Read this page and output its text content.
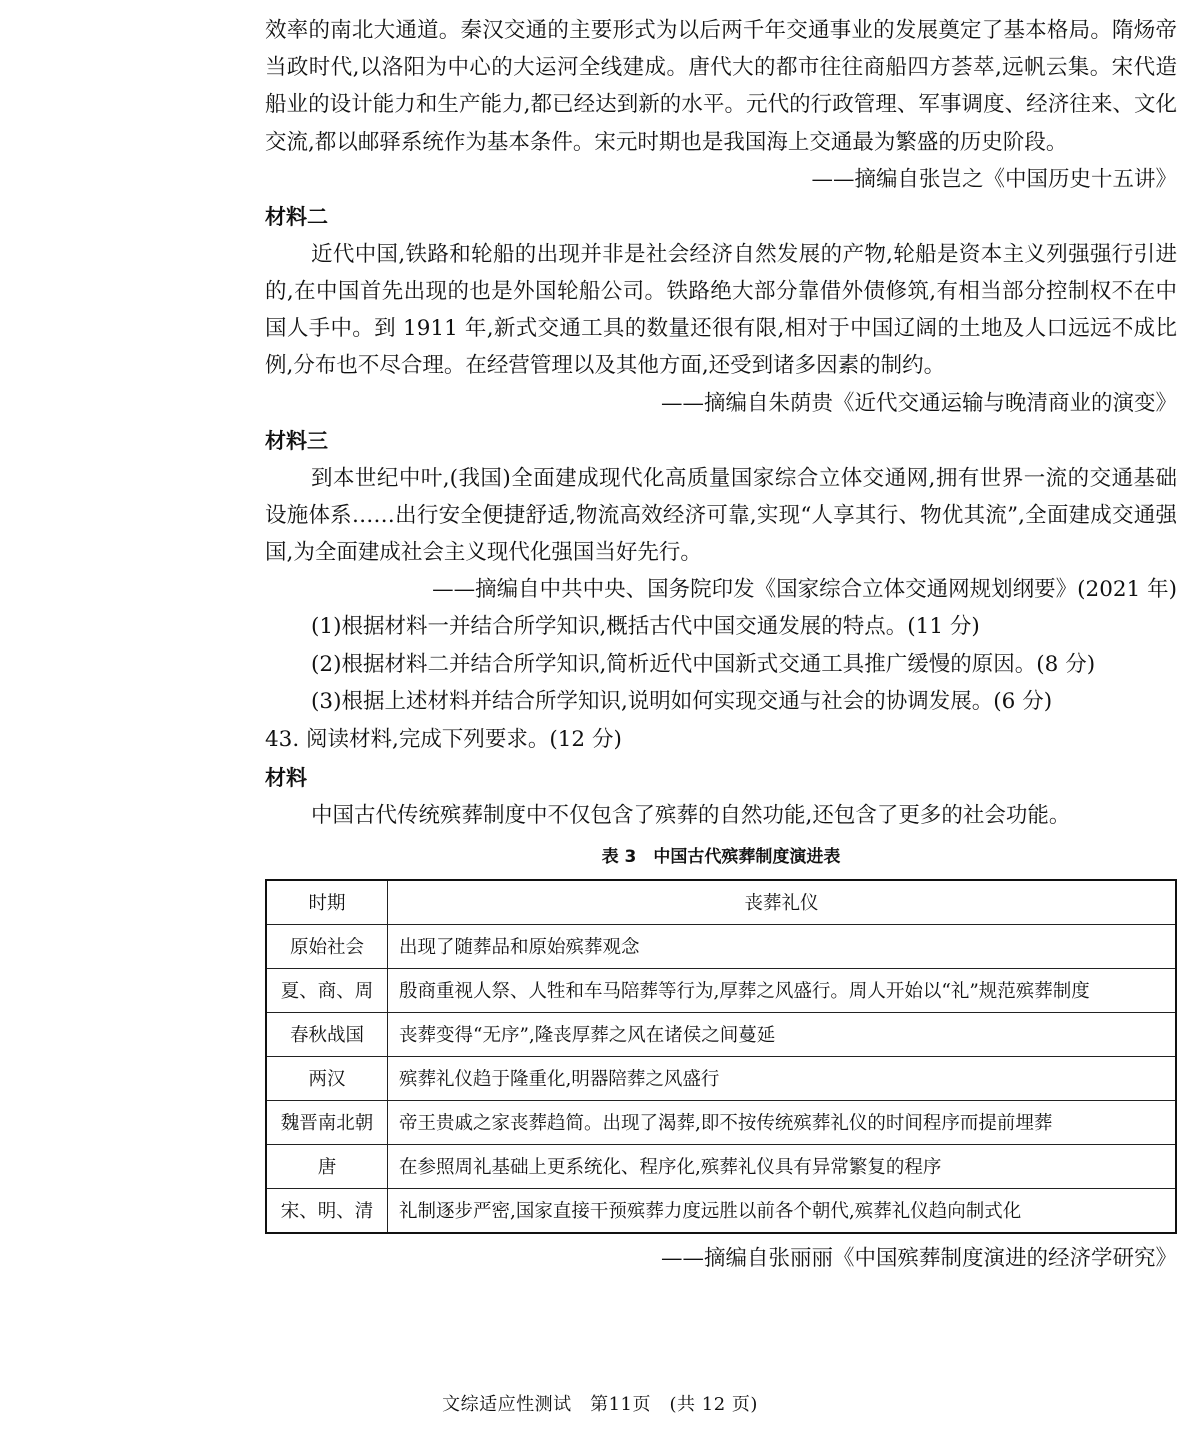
效率的南北大通道。秦汉交通的主要形式为以后两千年交通事业的发展奠定了基本格局。隋炀帝当政时代,以洛阳为中心的大运河全线建成。唐代大的都市往往商船四方荟萃,远帆云集。宋代造船业的设计能力和生产能力,都已经达到新的水平。元代的行政管理、军事调度、经济往来、文化交流,都以邮驿系统作为基本条件。宋元时期也是我国海上交通最为繁盛的历史阶段。

——摘编自张岂之《中国历史十五讲》

材料二

近代中国,铁路和轮船的出现并非是社会经济自然发展的产物,轮船是资本主义列强强行引进的,在中国首先出现的也是外国轮船公司。铁路绝大部分靠借外债修筑,有相当部分控制权不在中国人手中。到 1911 年,新式交通工具的数量还很有限,相对于中国辽阔的土地及人口远远不成比例,分布也不尽合理。在经营管理以及其他方面,还受到诸多因素的制约。

——摘编自朱荫贵《近代交通运输与晚清商业的演变》

材料三

到本世纪中叶,(我国)全面建成现代化高质量国家综合立体交通网,拥有世界一流的交通基础设施体系……出行安全便捷舒适,物流高效经济可靠,实现“人享其行、物优其流”,全面建成交通强国,为全面建成社会主义现代化强国当好先行。

——摘编自中共中央、国务院印发《国家综合立体交通网规划纲要》(2021 年)

(1)根据材料一并结合所学知识,概括古代中国交通发展的特点。(11 分)

(2)根据材料二并结合所学知识,简析近代中国新式交通工具推广缓慢的原因。(8 分)

(3)根据上述材料并结合所学知识,说明如何实现交通与社会的协调发展。(6 分)

43. 阅读材料,完成下列要求。(12 分)

材料

中国古代传统殡葬制度中不仅包含了殡葬的自然功能,还包含了更多的社会功能。

表 3　中国古代殡葬制度演进表

时期	丧葬礼仪
原始社会	出现了随葬品和原始殡葬观念
夏、商、周	殷商重视人祭、人牲和车马陪葬等行为,厚葬之风盛行。周人开始以“礼”规范殡葬制度
春秋战国	丧葬变得“无序”,隆丧厚葬之风在诸侯之间蔓延
两汉	殡葬礼仪趋于隆重化,明器陪葬之风盛行
魏晋南北朝	帝王贵戚之家丧葬趋简。出现了渴葬,即不按传统殡葬礼仪的时间程序而提前埋葬
唐	在参照周礼基础上更系统化、程序化,殡葬礼仪具有异常繁复的程序
宋、明、清	礼制逐步严密,国家直接干预殡葬力度远胜以前各个朝代,殡葬礼仪趋向制式化

——摘编自张丽丽《中国殡葬制度演进的经济学研究》

文综适应性测试　第11页　(共 12 页)
